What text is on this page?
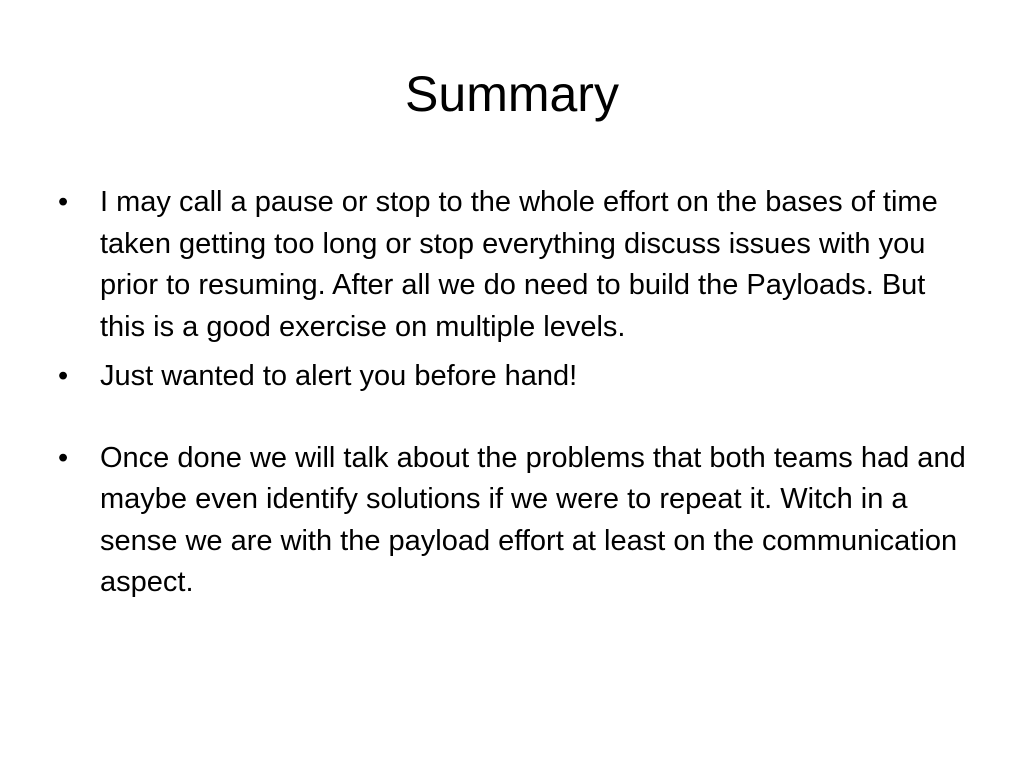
Summary
•	I may call a pause or stop to the whole effort on the bases of time taken getting too long or stop everything discuss issues with you prior to resuming. After all we do need to build the Payloads. But this is a good exercise on multiple levels.
•	Just wanted to alert you before hand!
•	Once done we will talk about the problems that both teams had and maybe even identify solutions if we were to repeat it. Witch in a sense we are with the payload effort at least on the communication aspect.
